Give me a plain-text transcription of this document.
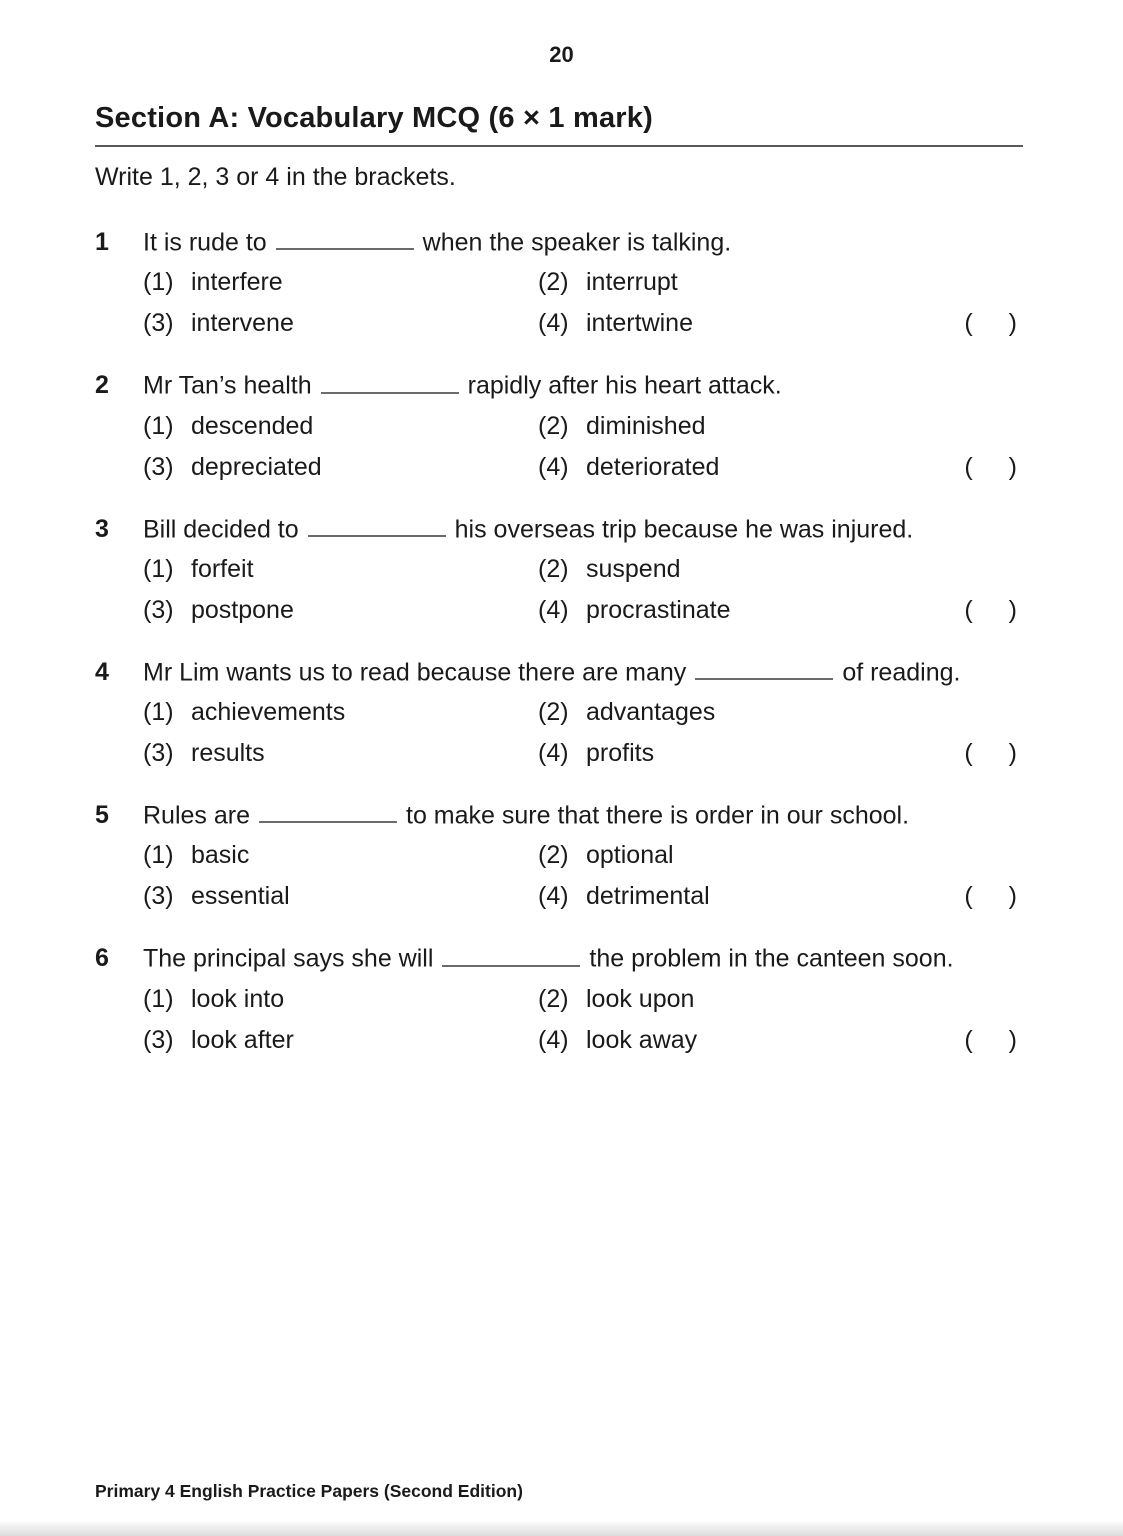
20
Section A: Vocabulary MCQ (6 × 1 mark)

Write 1, 2, 3 or 4 in the brackets.

1	It is rude to	when the speaker is talking.

(1) interfere	(2) interrupt
(3) intervene	(4) intertwine	( )
2	Mr Tan’s health	rapidly after his heart attack.

(1) descended	(2) diminished
(3) depreciated	(4) deteriorated	( )
3	Bill decided to	his overseas trip because he was injured.

(1) forfeit	(2) suspend
(3) postpone	(4) procrastinate	( )
4	Mr Lim wants us to read because there are many	of reading.

(1) achievements	(2) advantages
(3) results	(4) profits	( )
5	Rules are	to make sure that there is order in our school.

(1) basic	(2) optional
(3) essential	(4) detrimental	( )
6	The principal says she will	the problem in the canteen soon.

(1) look into	(2) look upon
(3) look after	(4) look away	( )
Primary 4 English Practice Papers (Second Edition)
